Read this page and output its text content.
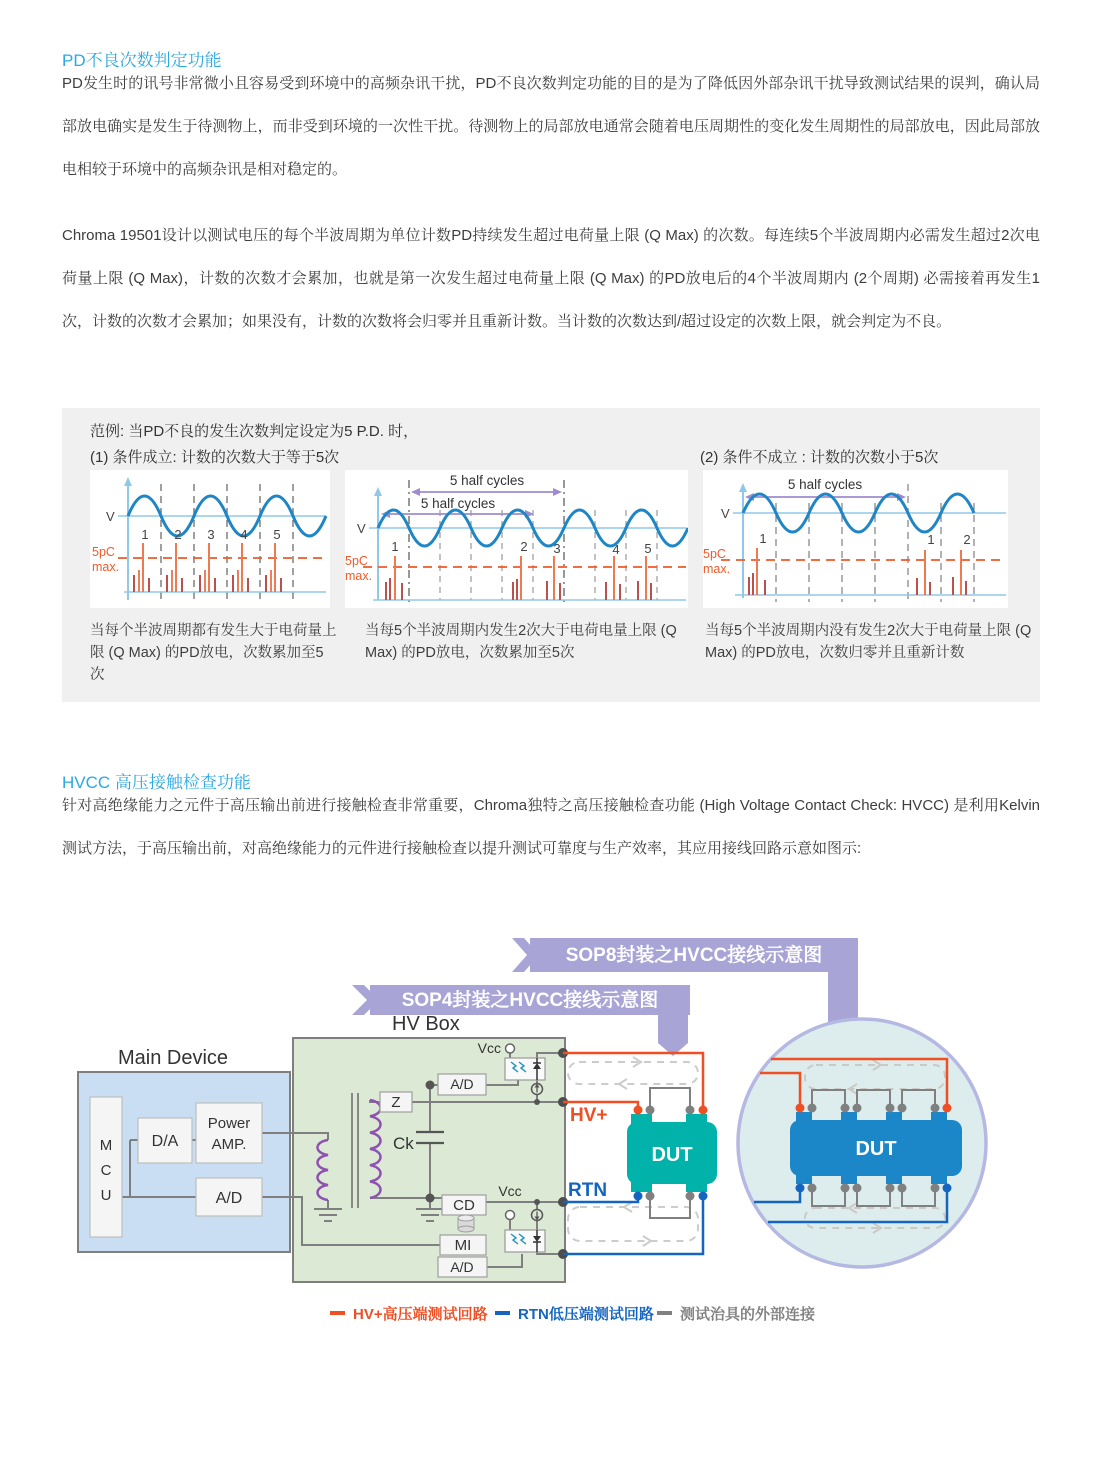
PD不良次数判定功能

PD发生时的讯号非常微小且容易受到环境中的高频杂讯干扰，PD不良次数判定功能的目的是为了降低因外部杂讯干扰导致测试结果的误判，确认局部放电确实是发生于待测物上，而非受到环境的一次性干扰。待测物上的局部放电通常会随着电压周期性的变化发生周期性的局部放电，因此局部放电相较于环境中的高频杂讯是相对稳定的。

Chroma 19501设计以测试电压的每个半波周期为单位计数PD持续发生超过电荷量上限 (Q Max) 的次数。每连续5个半波周期内必需发生超过2次电荷量上限 (Q Max)，计数的次数才会累加，也就是第一次发生超过电荷量上限 (Q Max) 的PD放电后的4个半波周期内 (2个周期) 必需接着再发生1次，计数的次数才会累加；如果没有，计数的次数将会归零并且重新计数。当计数的次数达到/超过设定的次数上限，就会判定为不良。

范例: 当PD不良的发生次数判定设定为5 P.D. 时，
(1) 条件成立: 计数的次数大于等于5次	(2) 条件不成立 : 计数的次数小于5次
V
5pC
max.
1 2 3 4 5
5 half cycles
5 half cycles
V
5pC
max.
1	2 3	4 5
5 half cycles
V
5pC
max.
1	1 2
当每个半波周期都有发生大于电荷量上限 (Q Max) 的PD放电，次数累加至5次
当每5个半波周期内发生2次大于电荷电量上限 (Q Max) 的PD放电，次数累加至5次
当每5个半波周期内没有发生2次大于电荷量上限 (Q Max) 的PD放电，次数归零并且重新计数
HVCC 高压接触检查功能

针对高绝缘能力之元件于高压输出前进行接触检查非常重要，Chroma独特之高压接触检查功能 (High Voltage Contact Check: HVCC) 是利用Kelvin测试方法，于高压输出前，对高绝缘能力的元件进行接触检查以提升测试可靠度与生产效率，其应用接线回路示意如图示:

SOP8封装之HVCC接线示意图
SOP4封装之HVCC接线示意图
HV Box
Main Device
M
C
U
D/A
Power
AMP.
A/D
Z
Ck
A/D
CD
MI
A/D
Vcc
Vcc
HV+
RTN
DUT	DUT
HV+高压端测试回路 RTN低压端测试回路 测试治具的外部连接
